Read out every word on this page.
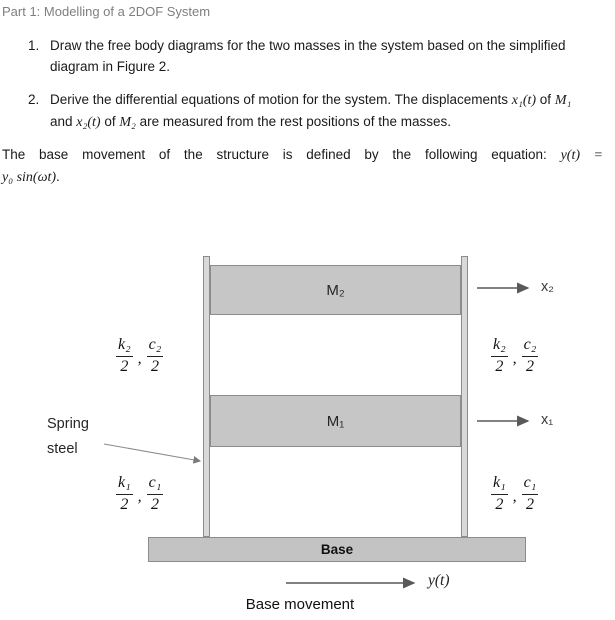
Part 1: Modelling of a 2DOF System
1. Draw the free body diagrams for the two masses in the system based on the simplified diagram in Figure 2.
2. Derive the differential equations of motion for the system. The displacements x₁(t) of M₁ and x₂(t) of M₂ are measured from the rest positions of the masses.
The base movement of the structure is defined by the following equation: y(t) =
y₀ sin(ωt).
M₂
M₁
Base
$\frac{\text{k₂}}{2}$ , $\frac{\text{c₂}}{2}$	$\frac{\text{k₂}}{2}$ , $\frac{\text{c₂}}{2}$
$\frac{\text{k₁}}{2}$ , $\frac{\text{c₁}}{2}$	$\frac{\text{k₁}}{2}$ , $\frac{\text{c₁}}{2}$
x₂
x₁
Spring
steel
y(t)
Base movement
